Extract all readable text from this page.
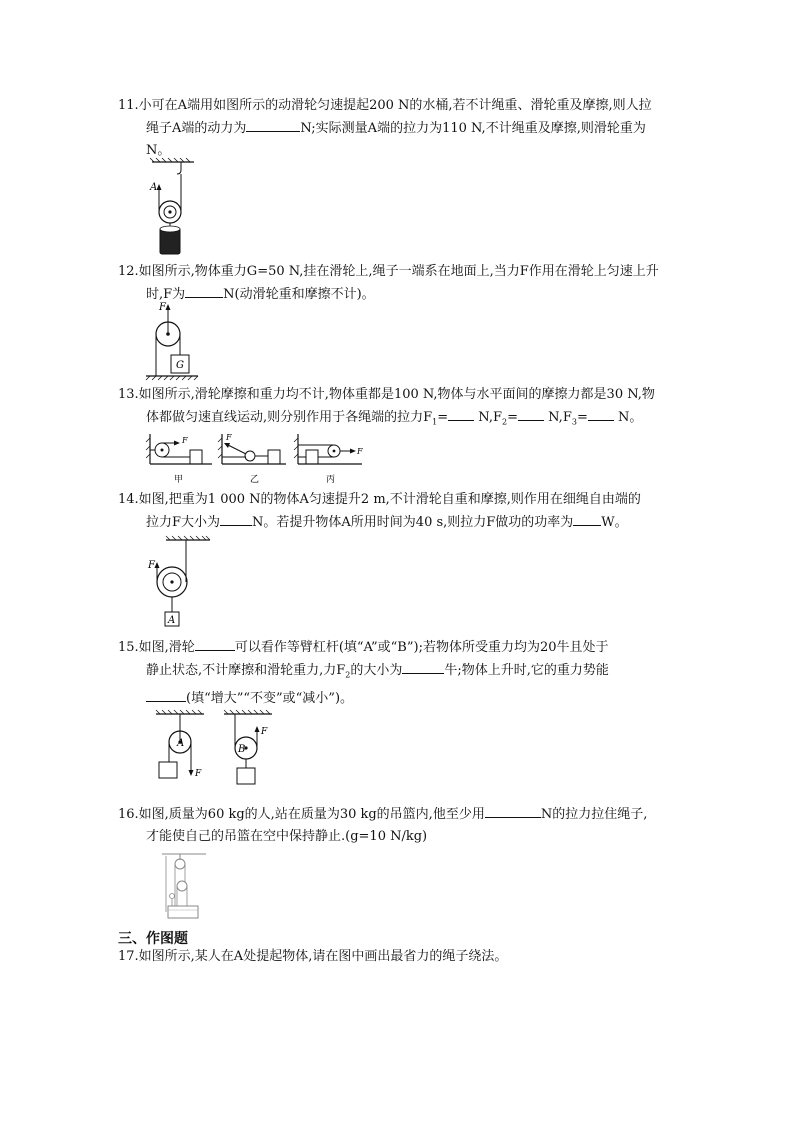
11.小可在A端用如图所示的动滑轮匀速提起200 N的水桶,若不计绳重、滑轮重及摩擦,则人拉

绳子A端的动力为	N;实际测量A端的拉力为110 N,不计绳重及摩擦,则滑轮重为

N。

A

12.如图所示,物体重力G=50 N,挂在滑轮上,绳子一端系在地面上,当力F作用在滑轮上匀速上升

时,F为	N(动滑轮重和摩擦不计)。

F
G

13.如图所示,滑轮摩擦和重力均不计,物体重都是100 N,物体与水平面间的摩擦力都是30 N,物

体都做匀速直线运动,则分别作用于各绳端的拉力$F_1= N,F_2= N,F_3= N$。

F
甲
F
乙
F
丙

14.如图,把重为1 000 N的物体A匀速提升2 m,不计滑轮自重和摩擦,则作用在细绳自由端的

拉力F大小为 N。若提升物体A所用时间为40 s,则拉力F做功的功率为 W。

F
A

15.如图,滑轮	可以看作等臂杠杆(填“A”或“B”);若物体所受重力均为20牛且处于

静止状态,不计摩擦和滑轮重力,力$F_2$的大小为	牛;物体上升时,它的重力势能

(填“增大”“不变”或“减小”)。

A
F
B
F

16.如图,质量为60 kg的人,站在质量为30 kg的吊篮内,他至少用	N的拉力拉住绳子,

才能使自己的吊篮在空中保持静止.(g=10 N/kg)

三、作图题

17.如图所示,某人在A处提起物体,请在图中画出最省力的绳子绕法。
